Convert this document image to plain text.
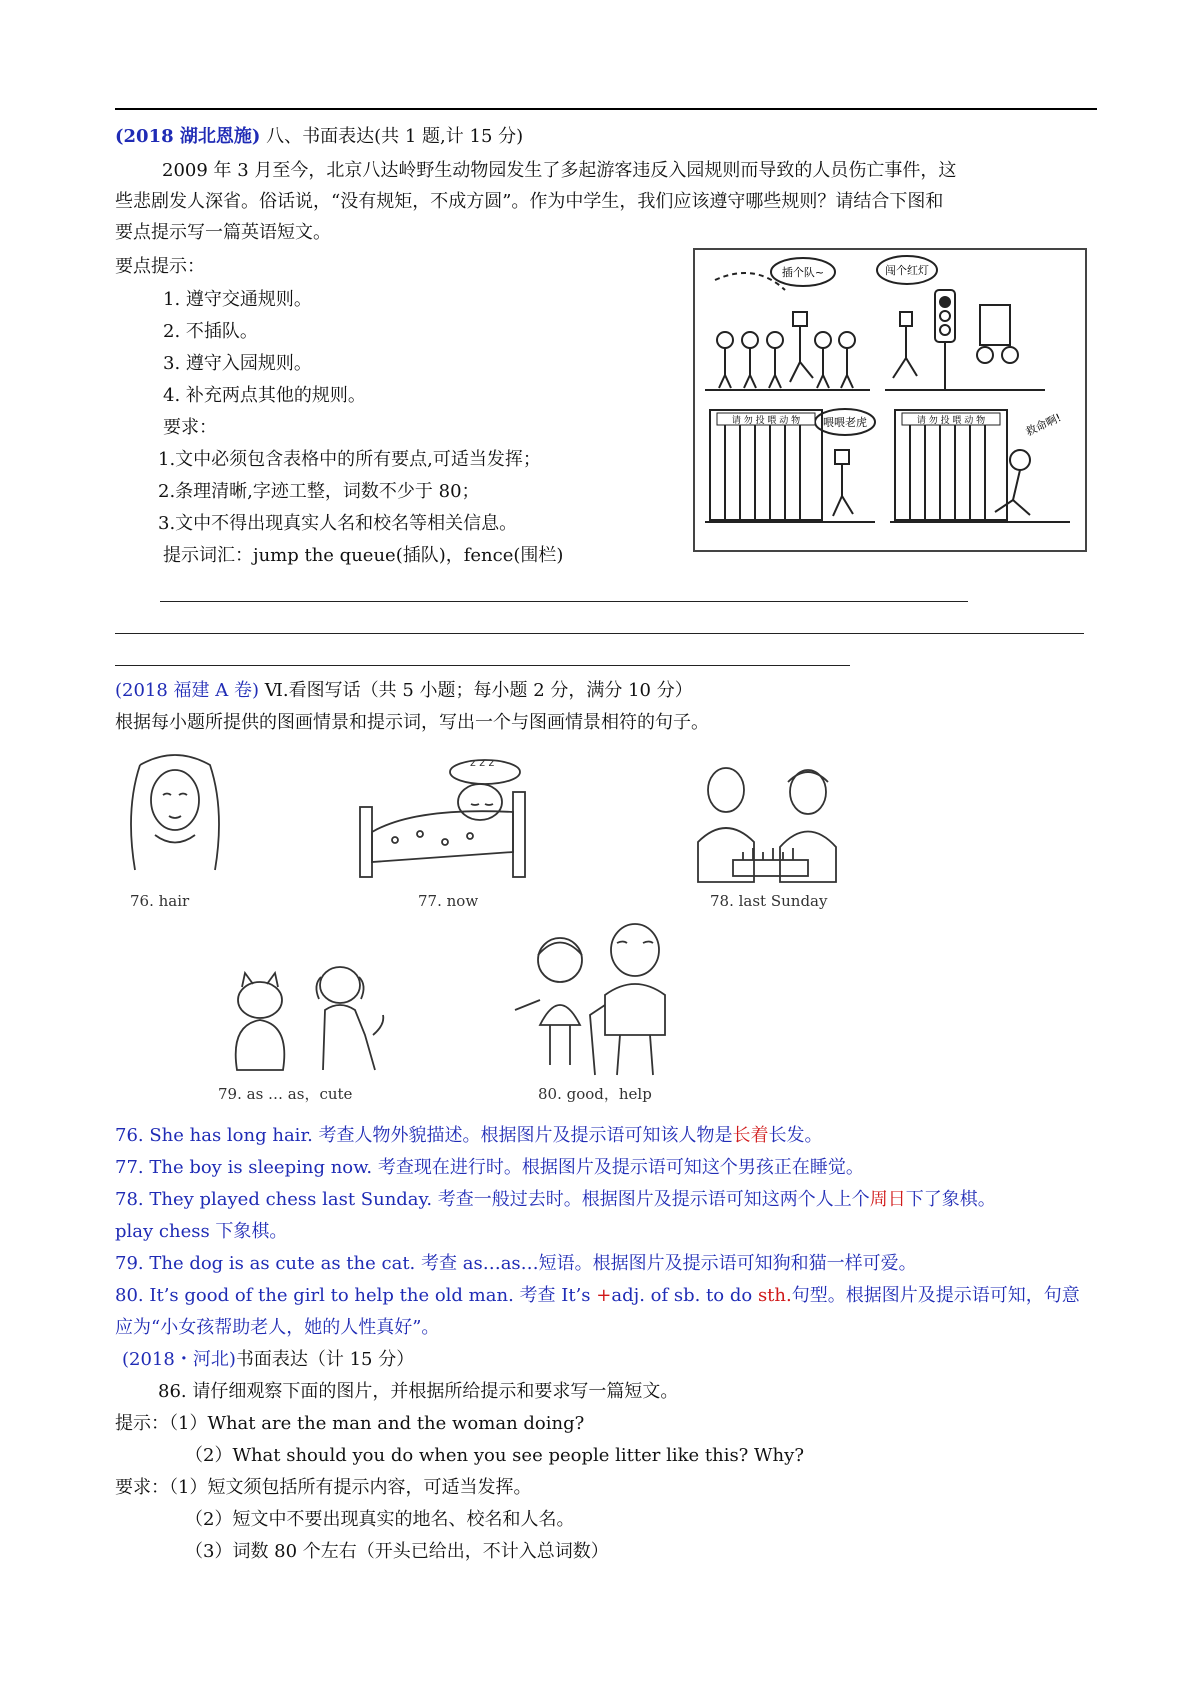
(2018 湖北恩施) 八、书面表达(共 1 题,计 15 分)
2009 年 3 月至今，北京八达岭野生动物园发生了多起游客违反入园规则而导致的人员伤亡事件，这
些悲剧发人深省。俗话说，“没有规矩，不成方圆”。作为中学生，我们应该遵守哪些规则？请结合下图和
要点提示写一篇英语短文。
要点提示：
1. 遵守交通规则。
2. 不插队。
3. 遵守入园规则。
4. 补充两点其他的规则。
要求：
1.文中必须包含表格中的所有要点,可适当发挥；
2.条理清晰,字迹工整，词数不少于 80；
3.文中不得出现真实人名和校名等相关信息。
提示词汇：jump the queue(插队)，fence(围栏)
插个队~	闯个红灯
请 勿 投 喂 动 物 喂喂老虎	请 勿 投 喂 动 物	救命啊!
(2018 福建 A 卷) Ⅵ.看图写话（共 5 小题；每小题 2 分，满分 10 分）
根据每小题所提供的图画情景和提示词，写出一个与图画情景相符的句子。
76. hair
z z z
77. now	78. last Sunday
79. as … as，cute	80. good，help
76. She has long hair. 考查人物外貌描述。根据图片及提示语可知该人物是长着长发。
77. The boy is sleeping now. 考查现在进行时。根据图片及提示语可知这个男孩正在睡觉。
78. They played chess last Sunday. 考查一般过去时。根据图片及提示语可知这两个人上个周日下了象棋。
play chess 下象棋。
79. The dog is as cute as the cat. 考查 as…as…短语。根据图片及提示语可知狗和猫一样可爱。
80. It’s good of the girl to help the old man. 考查 It’s +adj. of sb. to do sth.句型。根据图片及提示语可知，句意
应为“小女孩帮助老人，她的人性真好”。
(2018・河北)书面表达（计 15 分）
86. 请仔细观察下面的图片，并根据所给提示和要求写一篇短文。
提示：（1）What are the man and the woman doing?
（2）What should you do when you see people litter like this? Why?
要求：（1）短文须包括所有提示内容，可适当发挥。
（2）短文中不要出现真实的地名、校名和人名。
（3）词数 80 个左右（开头已给出，不计入总词数）
